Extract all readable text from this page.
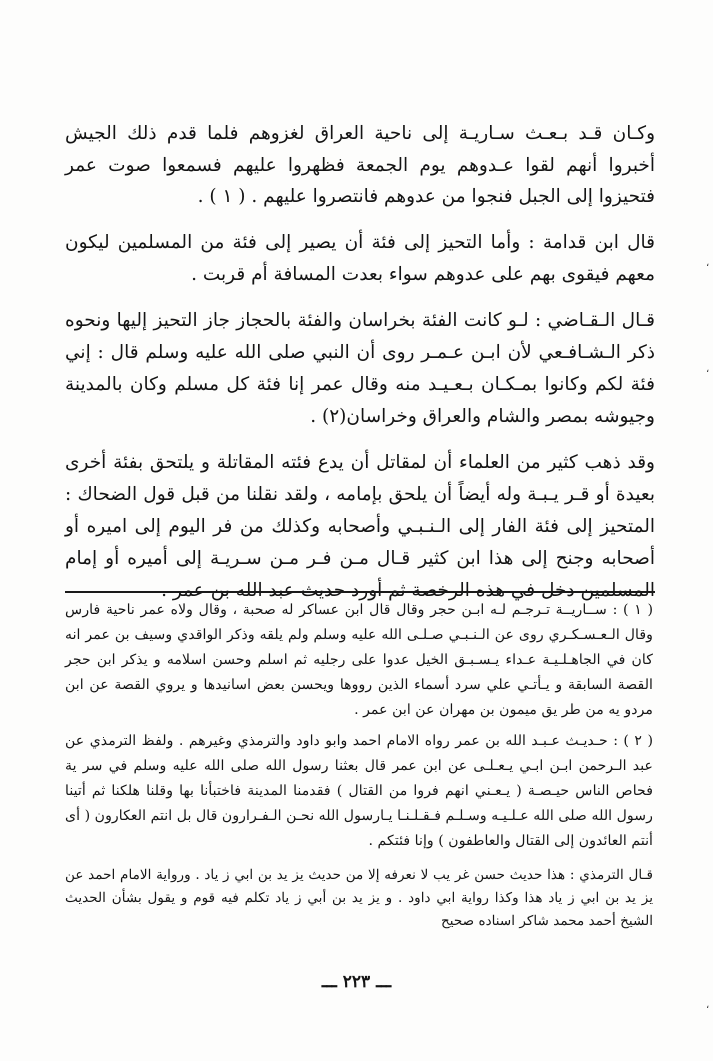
وكـان قـد بـعـث سـاريـة إلى ناحية العراق لغزوهم فلما قدم ذلك الجيش أخبروا أنهم لقوا عـدوهم يوم الجمعة فظهروا عليهم فسمعوا صوت عمر فتحيزوا إلى الجبل فنجوا من عدوهم فانتصروا عليهم . ( ١ ) .

قال ابن قدامة : وأما التحيز إلى فئة أن يصير إلى فئة من المسلمين ليكون معهم فيقوى بهم على عدوهم سواء بعدت المسافة أم قربت .

قـال الـقـاضي : لـو كانت الفئة بخراسان والفئة بالحجاز جاز التحيز إليها ونحوه ذكر الـشـافـعي لأن ابـن عـمـر روى أن النبي صلى الله عليه وسلم قال : إني فئة لكم وكانوا بمـكـان بـعـيـد منه وقال عمر إنا فئة كل مسلم وكان بالمدينة وجيوشه بمصر والشام والعراق وخراسان(٢) .

وقد ذهب كثير من العلماء أن لمقاتل أن يدع فئته المقاتلة و يلتحق بفئة أخرى بعيدة أو قـر يـبـة وله أيضاً أن يلحق بإمامه ، ولقد نقلنا من قبل قول الضحاك : المتحيز إلى فئة الفار إلى الـنـبـي وأصحابه وكذلك من فر اليوم إلى اميره أو أصحابه وجنح إلى هذا ابن كثير قـال مـن فـر مـن سـريـة إلى أميره أو إمام المسلمين دخل في هذه الرخصة ثم أورد حديث عبد الله بن عمر .

( ١ ) : ســاريــة تـرجـم لـه ابـن حجر وقال قال ابن عساكر له صحبة ، وقال ولاه عمر ناحية فارس وقال الـعـسـكـري روى عن الـنـبـي صـلـى الله عليه وسلم ولم يلقه وذكر الواقدي وسيف بن عمر انه كان في الجاهـلـيـة عـداء يـسـبـق الخيل عدوا على رجليه ثم اسلم وحسن اسلامه و يذكر ابن حجر القصة السابقة و يـأتـي علي سرد أسماء الذين رووها ويحسن بعض اسانيدها و يروي القصة عن ابن مردو يه من طر يق ميمون بن مهران عن ابن عمر .

( ٢ ) : حـديـث عـبـد الله بن عمر رواه الامام احمد وابو داود والترمذي وغيرهم . ولفظ الترمذي عن عبد الـرحمن ابـن ابـي يـعـلـى عن ابن عمر قال بعثنا رسول الله صلى الله عليه وسلم في سر ية فحاص الناس حيـصـة ( يـعـني انهم فروا من القتال ) فقدمنا المدينة فاختبأنا بها وقلنا هلكنا ثم أتينا رسول الله صلى الله عـلـيـه وسـلـم فـقـلـنـا يـارسول الله نحـن الـفـرارون قال بل انتم العكارون ( أى أنتم العائدون إلى القتال والعاطفون ) وإنا فئتكم .

قـال الترمذي : هذا حديث حسن غر يب لا نعرفه إلا من حديث يز يد بن ابي ز ياد . ورواية الامام احمد عن يز يد بن ابي ز ياد هذا وكذا رواية ابي داود . و يز يد بن أبي ز ياد تكلم فيه قوم و يقول بشأن الحديث الشيخ أحمد محمد شاكر اسناده صحيح

ـــ ٢٢٣ ـــ
،
،
،
